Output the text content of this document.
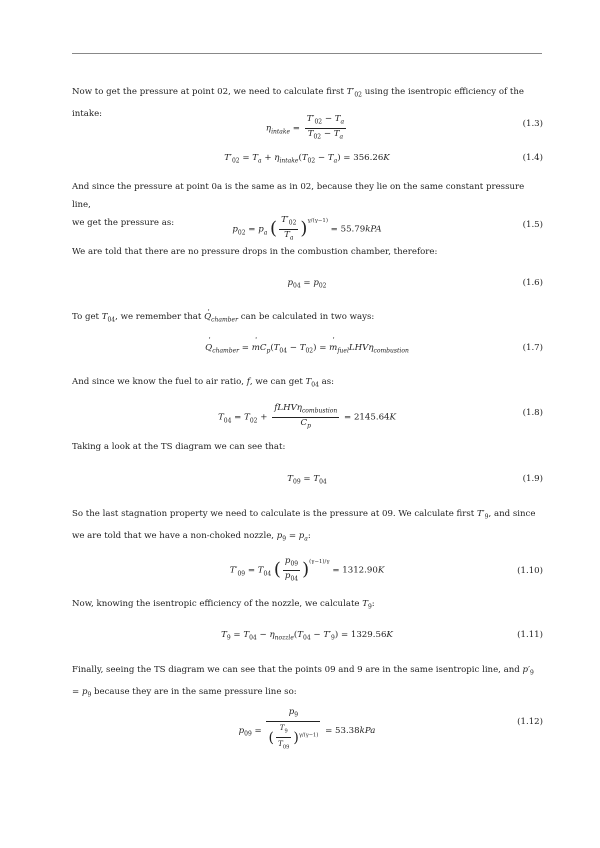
Now to get the pressure at point 02, we need to calculate first $T'_{02}$ using the isentropic efficiency of the intake:
$\eta_{intake} = \frac{T'_{02} - T_a}{T_{02} - T_a}$	(1.3)
$T'_{02} = T_a + \eta_{intake}(T_{02} - T_a) = 356.26K$	(1.4)
And since the pressure at point 0a is the same as in 02, because they lie on the same constant pressure line,
we get the pressure as:
$p_{02} = p_a$ ( $\frac{T'_{02}}{T_a} )^{\gamma/(\gamma-1)} = 55.79kPA$	(1.5)
We are told that there are no pressure drops in the combustion chamber, therefore:
$p_{04} = p_{02}$	(1.6)
To get $T_{04}$, we remember that Q $˙_{chamber}$ can be calculated in two ways:
Q $˙_{chamber} = m$ $˙C_p(T_{04} - T_{02}) = m$ $˙_{fuel}LHV\eta_{combustion}$	(1.7)
And since we know the fuel to air ratio, f, we can get $T_{04}$ as:
$T_{04} = T_{02} + \frac{fLHV\eta_{combustion}}{C_p} = 2145.64K$	(1.8)
Taking a look at the TS diagram we can see that:
$T_{09} = T_{04}$	(1.9)
So the last stagnation property we need to calculate is the pressure at 09. We calculate first $T'_9$, and since
we are told that we have a non-choked nozzle, $p_9 = p_a$:
$T'_{09} = T_{04}$ ( $\frac{p_{09}}{p_{04}} )^{(\gamma-1)/\gamma} = 1312.90K$	(1.10)
Now, knowing the isentropic efficiency of the nozzle, we calculate $T_9$:
$T_9 = T_{04} - \eta_{nozzle}(T_{04} - T'_9) = 1329.56K$	(1.11)
Finally, seeing the TS diagram we can see that the points 09 and 9 are in the same isentropic line, and $p'_9$
= $p_9$ because they are in the same pressure line so:
$p_{09} = \frac{p_9}{( \frac{T_9}{T_{09}} )^{\gamma/(\gamma-1)}} = 53.38kPa$
(1.12)
